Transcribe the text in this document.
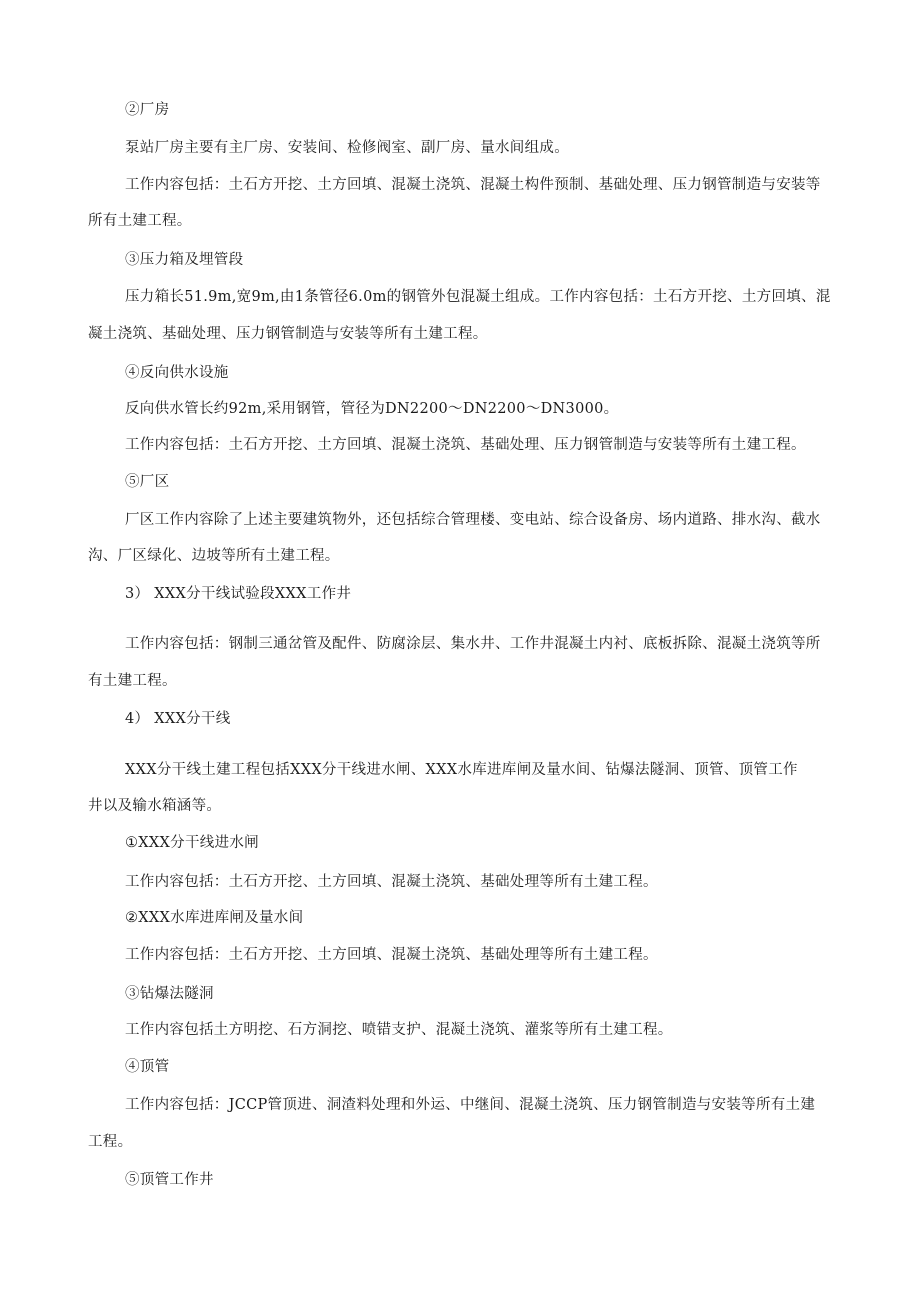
②厂房
泵站厂房主要有主厂房、安装间、检修阀室、副厂房、量水间组成。
工作内容包括：土石方开挖、土方回填、混凝土浇筑、混凝土构件预制、基础处理、压力钢管制造与安装等
所有土建工程。
③压力箱及埋管段
压力箱长51.9m,宽9m,由1条管径6.0m的钢管外包混凝土组成。工作内容包括：土石方开挖、土方回填、混
凝土浇筑、基础处理、压力钢管制造与安装等所有土建工程。
④反向供水设施
反向供水管长约92m,采用钢管，管径为DN2200～DN2200～DN3000。
工作内容包括：土石方开挖、土方回填、混凝土浇筑、基础处理、压力钢管制造与安装等所有土建工程。
⑤厂区
厂区工作内容除了上述主要建筑物外，还包括综合管理楼、变电站、综合设备房、场内道路、排水沟、截水
沟、厂区绿化、边坡等所有土建工程。
3） XXX分干线试验段XXX工作井
工作内容包括：钢制三通岔管及配件、防腐涂层、集水井、工作井混凝土内衬、底板拆除、混凝土浇筑等所
有土建工程。
4） XXX分干线
XXX分干线土建工程包括XXX分干线进水闸、XXX水库进库闸及量水间、钻爆法隧洞、顶管、顶管工作
井以及输水箱涵等。
①XXX分干线进水闸
工作内容包括：土石方开挖、土方回填、混凝土浇筑、基础处理等所有土建工程。
②XXX水库进库闸及量水间
工作内容包括：土石方开挖、土方回填、混凝土浇筑、基础处理等所有土建工程。
③钻爆法隧洞
工作内容包括土方明挖、石方洞挖、喷错支护、混凝土浇筑、灌浆等所有土建工程。
④顶管
工作内容包括：JCCP管顶进、洞渣料处理和外运、中继间、混凝土浇筑、压力钢管制造与安装等所有土建
工程。
⑤顶管工作井
